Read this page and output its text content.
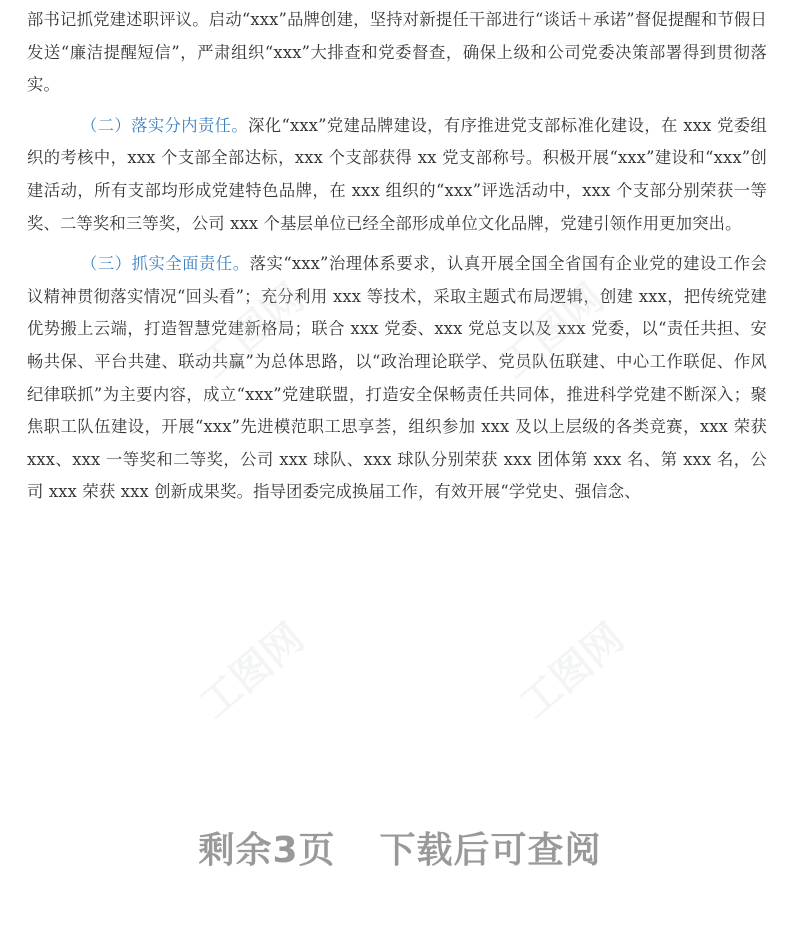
部书记抓党建述职评议。启动“xxx”品牌创建，坚持对新提任干部进行“谈话＋承诺”督促提醒和节假日发送“廉洁提醒短信”，严肃组织“xxx”大排查和党委督查，确保上级和公司党委决策部署得到贯彻落实。

（二）落实分内责任。深化“xxx”党建品牌建设，有序推进党支部标准化建设，在 xxx 党委组织的考核中，xxx 个支部全部达标，xxx 个支部获得 xx 党支部称号。积极开展“xxx”建设和“xxx”创建活动，所有支部均形成党建特色品牌，在 xxx 组织的“xxx”评选活动中，xxx 个支部分别荣获一等奖、二等奖和三等奖，公司 xxx 个基层单位已经全部形成单位文化品牌，党建引领作用更加突出。

（三）抓实全面责任。落实“xxx”治理体系要求，认真开展全国全省国有企业党的建设工作会议精神贯彻落实情况“回头看”；充分利用 xxx 等技术，采取主题式布局逻辑，创建 xxx，把传统党建优势搬上云端，打造智慧党建新格局；联合 xxx 党委、xxx 党总支以及 xxx 党委，以“责任共担、安畅共保、平台共建、联动共赢”为总体思路，以“政治理论联学、党员队伍联建、中心工作联促、作风纪律联抓”为主要内容，成立“xxx”党建联盟，打造安全保畅责任共同体，推进科学党建不断深入；聚焦职工队伍建设，开展“xxx”先进模范职工思享荟，组织参加 xxx 及以上层级的各类竞赛，xxx 荣获 xxx、xxx 一等奖和二等奖，公司 xxx 球队、xxx 球队分别荣获 xxx 团体第 xxx 名、第 xxx 名，公司 xxx 荣获 xxx 创新成果奖。指导团委完成换届工作，有效开展“学党史、强信念、

工图网	工图网
工图网	工图网
剩余3页 下载后可查阅
